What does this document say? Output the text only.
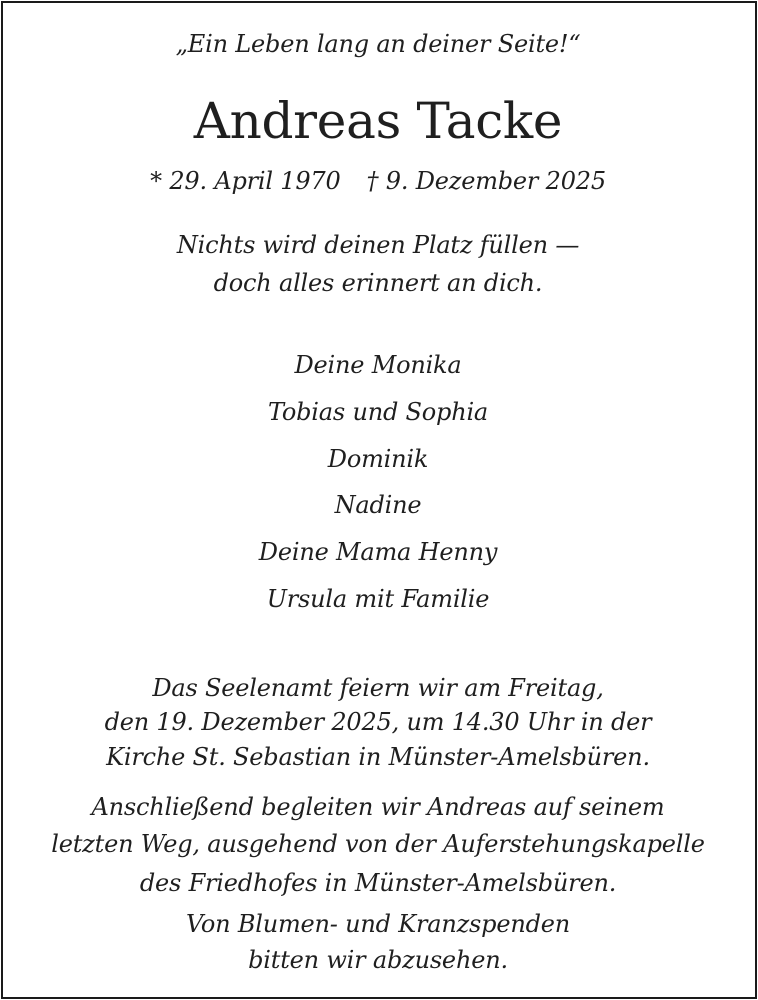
„Ein Leben lang an deiner Seite!“
Andreas Tacke
* 29. April 1970 † 9. Dezember 2025
Nichts wird deinen Platz füllen —
doch alles erinnert an dich.
Deine Monika
Tobias und Sophia
Dominik
Nadine
Deine Mama Henny
Ursula mit Familie
Das Seelenamt feiern wir am Freitag,
den 19. Dezember 2025, um 14.30 Uhr in der
Kirche St. Sebastian in Münster-Amelsbüren.
Anschließend begleiten wir Andreas auf seinem
letzten Weg, ausgehend von der Auferstehungskapelle
des Friedhofes in Münster-Amelsbüren.
Von Blumen- und Kranzspenden
bitten wir abzusehen.
